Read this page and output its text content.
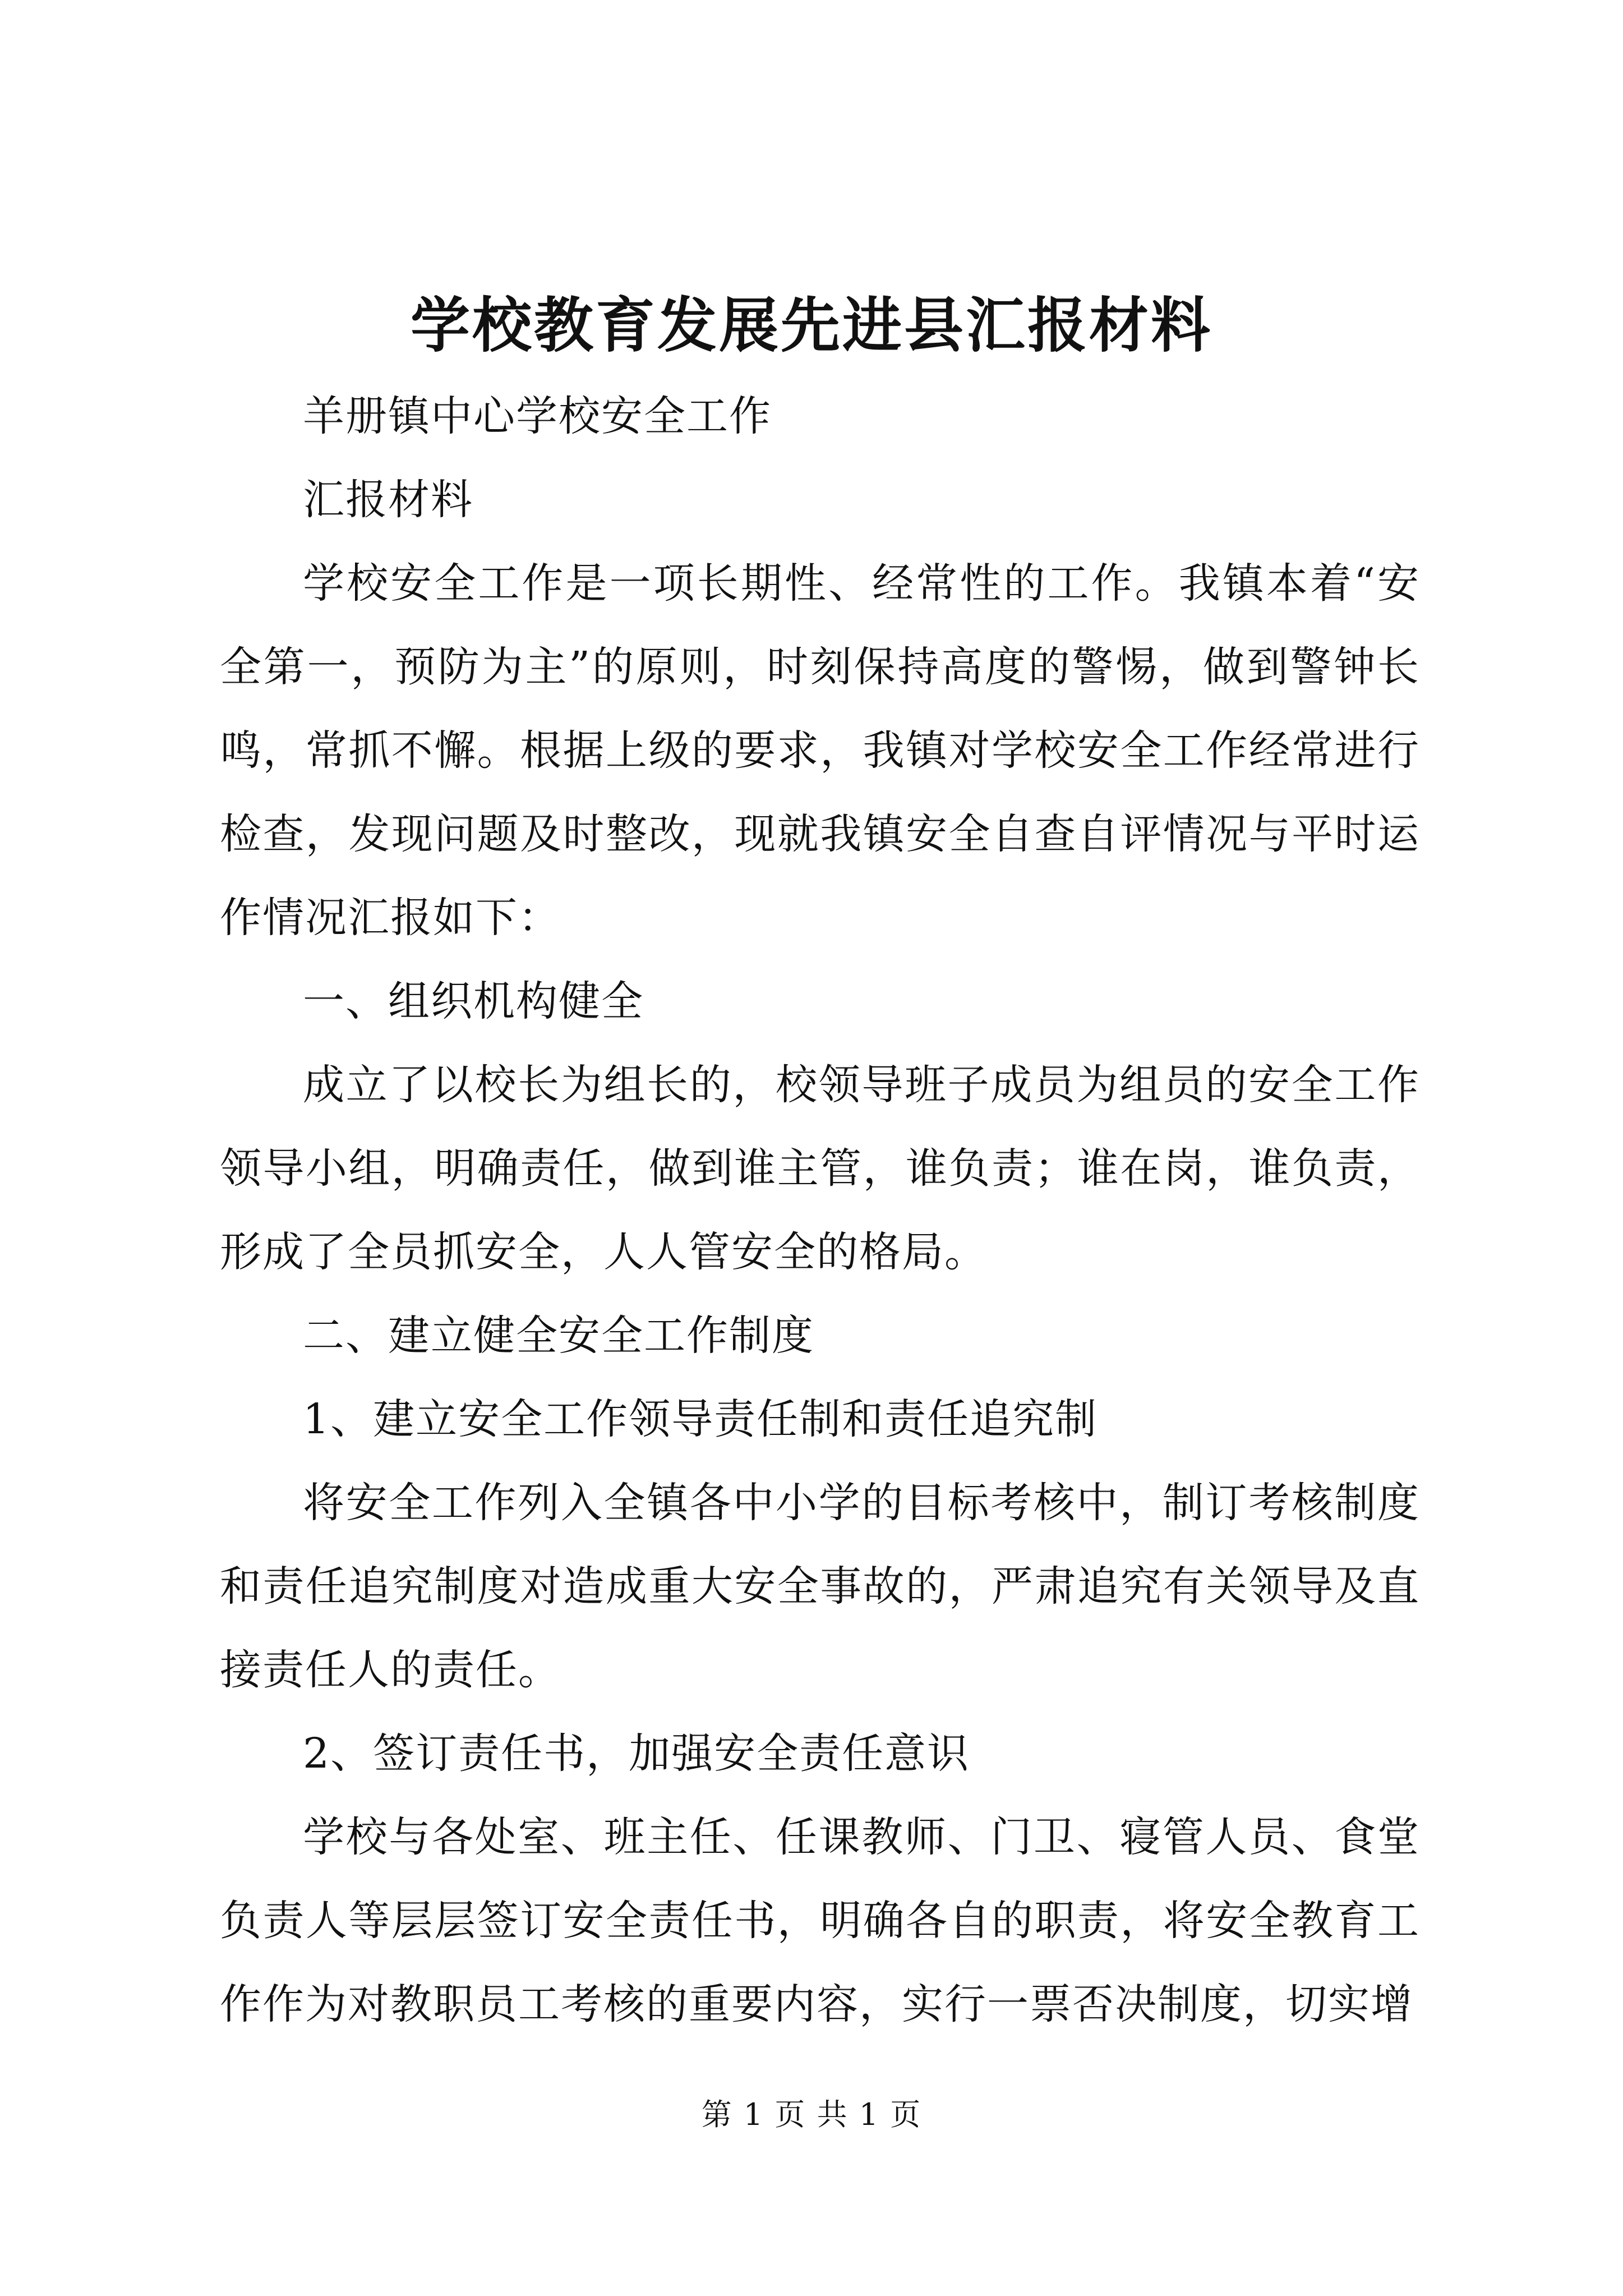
学校教育发展先进县汇报材料

羊册镇中心学校安全工作

汇报材料

学校安全工作是一项长期性、经常性的工作。我镇本着“安全第一，预防为主”的原则，时刻保持高度的警惕，做到警钟长鸣，常抓不懈。根据上级的要求，我镇对学校安全工作经常进行检查，发现问题及时整改，现就我镇安全自查自评情况与平时运作情况汇报如下：

一、组织机构健全

成立了以校长为组长的，校领导班子成员为组员的安全工作领导小组，明确责任，做到谁主管，谁负责；谁在岗，谁负责，形成了全员抓安全，人人管安全的格局。

二、建立健全安全工作制度

1、建立安全工作领导责任制和责任追究制

将安全工作列入全镇各中小学的目标考核中，制订考核制度和责任追究制度对造成重大安全事故的，严肃追究有关领导及直接责任人的责任。

2、签订责任书，加强安全责任意识

学校与各处室、班主任、任课教师、门卫、寝管人员、食堂负责人等层层签订安全责任书，明确各自的职责，将安全教育工作作为对教职员工考核的重要内容，实行一票否决制度，切实增

第 1 页 共 1 页
